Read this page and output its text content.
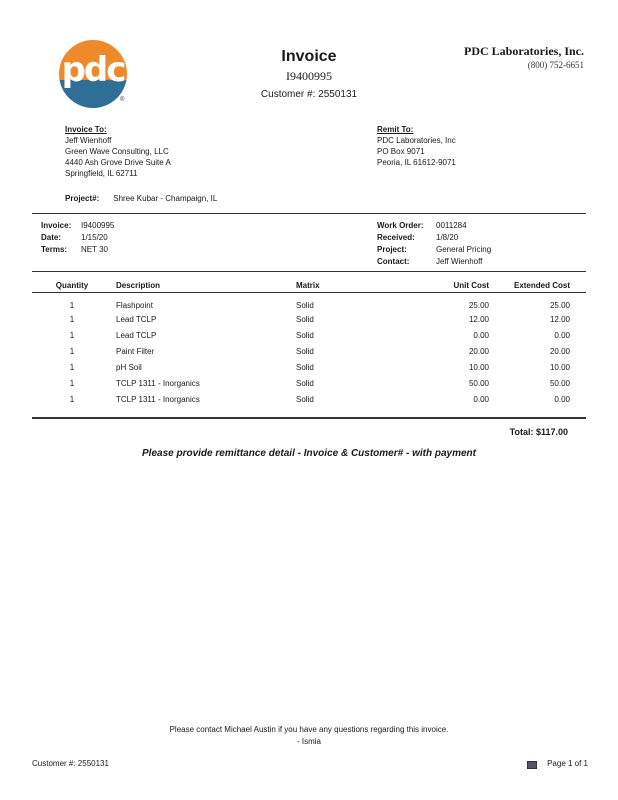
pdc
®
Invoice
I9400995
Customer #: 2550131
PDC Laboratories, Inc.
(800) 752-6651
Invoice To:
Jeff Wienhoff
Green Wave Consulting, LLC
4440 Ash Grove Drive Suite A
Springfield, IL 62711
Remit To:
PDC Laboratories, Inc
PO Box 9071
Peoria, IL 61612-9071
Project#: Shree Kubar - Champaign, IL
Invoice: I9400995
Date: 1/15/20
Terms: NET 30
Work Order: 0011284
Received:	1/8/20
Project:	General Pricing
Contact:	Jeff Wienhoff
Quantity	Description	Matrix	Unit Cost	Extended Cost
1	Flashpoint	Solid	25.00	25.00
1	Lead TCLP	Solid	12.00	12.00
1	Lead TCLP	Solid	0.00	0.00
1	Paint Filter	Solid	20.00	20.00
1	pH Soil	Solid	10.00	10.00
1	TCLP 1311 - Inorganics	Solid	50.00	50.00
1	TCLP 1311 - Inorganics	Solid	0.00	0.00
Total: $117.00
Please provide remittance detail - Invoice & Customer# - with payment
Please contact Michael Austin if you have any questions regarding this invoice.
- Ismia
Customer #: 2550131	Page 1 of 1
